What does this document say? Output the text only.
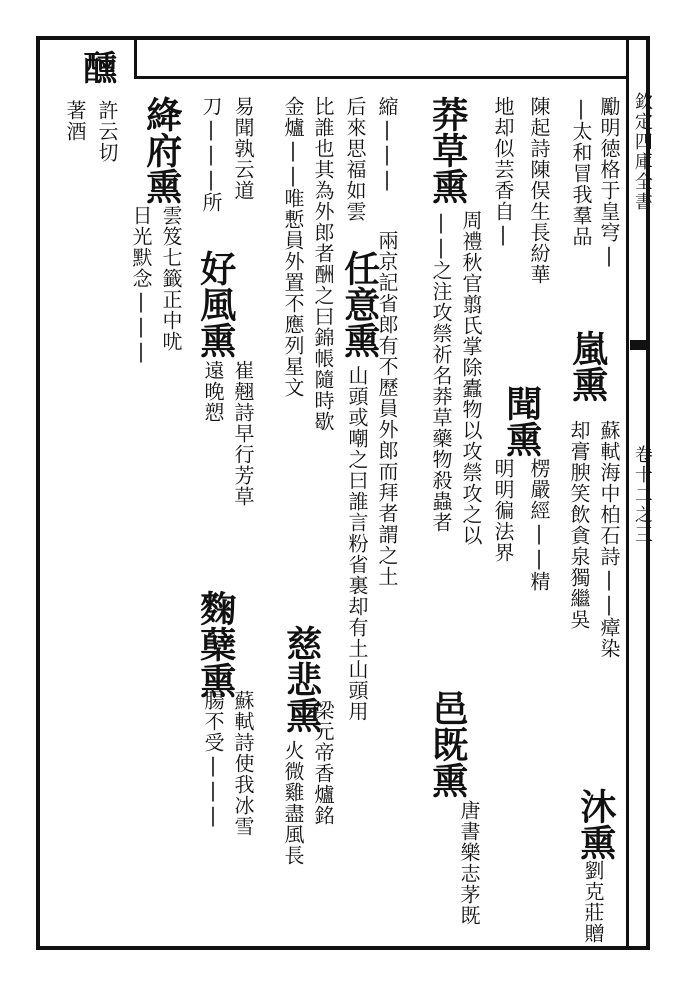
欽定四庫全書
卷十二之三
勵明徳格于皇穹|
|太和冒我羣品
嵐熏
蘇軾海中柏石詩||瘴染
却膏腴笑飲貪泉獨繼吳
沐熏
劉克莊贈
陳起詩陳俣生長紛華
聞熏
楞嚴經||精
地却似芸香自|
明明徧法界
莽草熏
周禮秋官翦氏掌除蠹物以攻禜攻之以
||之注攻禜祈名莽草藥物殺蟲者
邑既熏
唐書樂志茅既
縮|||
后來思福如雲
任意熏
兩京記省郎有不歷員外郎而拜者謂之土
山頭或嘲之曰誰言粉省裏却有土山頭用
比誰也其為外郎者酬之曰錦帳隨時歇
慈悲熏
梁元帝香爐銘
金爐||唯慙員外置不應列星文
火微雞盡風長
易聞孰云道
刀|||所
好風熏
崔翹詩早行芳草
遠晚愬
麴蘖熏
蘇軾詩使我冰雪
腸不受|||
絳府熏
雲笈七籤正中㕱
日光默念|||
醺
許云切
著酒
